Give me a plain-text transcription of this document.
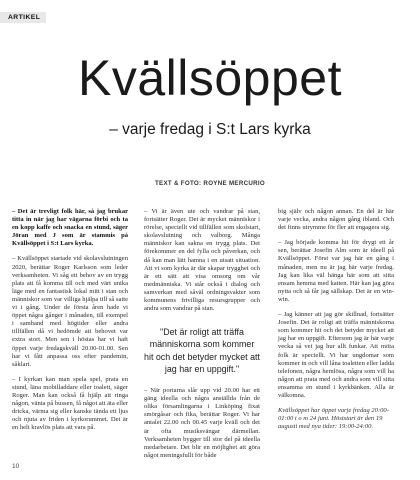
ARTIKEL
Kvällsöppet
– varje fredag i S:t Lars kyrka
TEXT & FOTO: ROYNE MERCURIO

– Det är trevligt folk här, så jag brukar titta in när jag har vägarna förbi och ta en kopp kaffe och snacka en stund, säger Jöran med J som är stammis på Kvällsöppet i S:t Lars kyrka.

– Kvällsöppet startade vid skolavslutningen 2020, berättar Roger Karlsson som leder verksamheten. Vi såg ett behov av en trygg plats att få komma till och med värt unika läge med en fantastisk lokal mitt i stan och människor som var villiga hjälpa till så satte vi i gång. Under de första åren hade vi öppet några gånger i månaden, till exempel i samband med högtider eller andra tillfällen då vi bedömde att behovet var extra stort. Men sen i höstas har vi haft öppet varje fredagskväll 20.00-01.00. Sen har vi fått anpassa oss efter pandemin, såklart.

– I kyrkan kan man spela spel, prata en stund, läna mobilladdare eller toalett, säger Roger. Man kan också få hjälp att ringa någon, vänta på bussen, få något att äta eller dricka, värma sig eller kanske tända ett ljus och njuta av friden i kyrkorummet. Det är en helt kravlös plats att vara på.

– Vi är även ute och vandrar på stan, fortsätter Roger. Det är mycket människor i rörelse, speciellt vid tillfällen som skolstart, skolavslutning och valborg. Många människor kan sakna en trygg plats. Det förekommer en del fylla och påverkan, och då kan man lätt hamna i en utsatt situation. Att vi som kyrka är där skapar trygghet och är ett sätt att visa omsorg om vår medmänniska. Vi står också i dialog och samverkan med såväl ordningsvakter som kommunens frivilliga resursgrupper och andra som vandrar på stan.

"Det är roligt att träffa människorna som kommer hit och det betyder mycket att jag har en uppgift."

– När portarna slår upp vid 20.00 har ett gäng ideella och några anställda från de olika församlingarna i Linköping fixat smörgåsar och fika, berättar Roger. Vi har antalet 22.00 och 00.45 varje kväll och det är ofta musiksvängar därmellan. Verksamheten bygger till stor del på ideella medarbetare. Det blir en möjlighet att göra något meningsfullt för både

big själv och någon annan. En del är här varje vecka, andra någon gång ibland. Och det finns utrymme för fler att engagera sig.

– Jag började komma hit för drygt ett år sen, berättar Josefin Alm som är ideell på Kvällsöppet. Först var jag här en gång i månaden, men nu är jag här varje fredag. Jag kan lika väl hänga här som att sitta ensam hemma med katten. Här kan jag göra nytta och så får jag sällskap. Det är en win-win.

– Jag känner att jag gör skillnad, fortsätter Josefin. Det är roligt att träffa människorna som kommer hit och det betyder mycket att jag har en uppgift. Eftersom jag är här varje vecka så vet jag hur allt funkar. Att möta folk är speciellt. Vi har ungdomar som kommer in och vill låna toaletten eller ladda telefonen, några hemlösa, några som vill ha någon att prata med och andra som vill sitta ensamma en stund i kyrkbänken. Alla är välkomna.

Kvällsöppet har öppet varje fredag 20:00-01:00 t o m 24 juni. Höststart är den 19 augusti med nya tider: 19:00-24:00.

10
